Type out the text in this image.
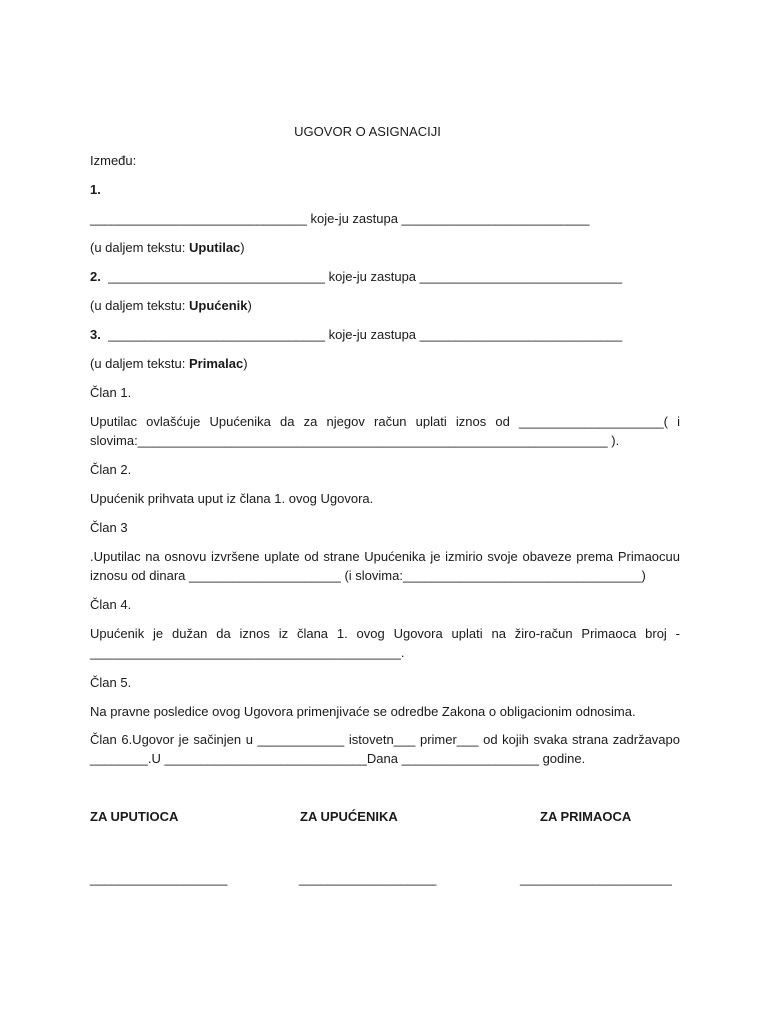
UGOVOR O ASIGNACIJI
Između:
1.
______________________________ koje-ju zastupa __________________________
(u daljem tekstu: Uputilac)
2. ______________________________ koje-ju zastupa ____________________________
(u daljem tekstu: Upućenik)
3. ______________________________ koje-ju zastupa ____________________________
(u daljem tekstu: Primalac)
Član 1.
Uputilac ovlašćuje Upućenika da za njegov račun uplati iznos od ____________________( i
slovima:_________________________________________________________________ ).
Član 2.
Upućenik prihvata uput iz člana 1. ovog Ugovora.
Član 3
.Uputilac na osnovu izvršene uplate od strane Upućenika je izmirio svoje obaveze prema Primaocuu
iznosu od dinara _____________________ (i slovima:_________________________________)
Član 4.
Upućenik je dužan da iznos iz člana 1. ovog Ugovora uplati na žiro-račun Primaoca broj -
___________________________________________.
Član 5.
Na pravne posledice ovog Ugovora primenjivaće se odredbe Zakona o obligacionim odnosima.
Član 6.Ugovor je sačinjen u ____________ istovetn___ primer___ od kojih svaka strana zadržavapo
________.U ____________________________Dana ___________________ godine.
ZA UPUTIOCA	ZA UPUĆENIKA	ZA PRIMAOCA
___________________	___________________	_____________________
